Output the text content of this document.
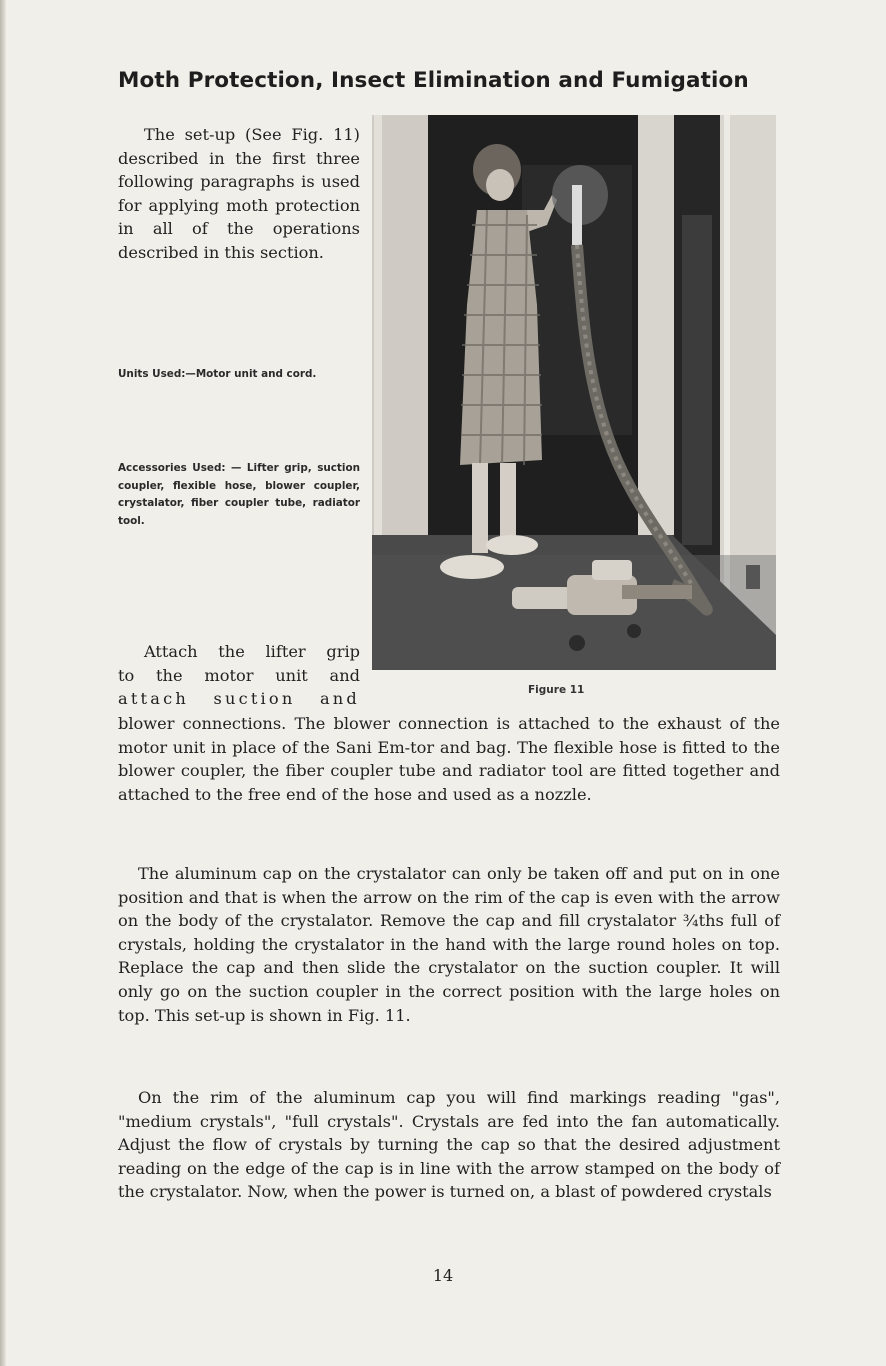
Moth Protection, Insect Elimination and Fumigation
The set-up (See Fig. 11) described in the first three following paragraphs is used for applying moth protection in all of the operations described in this section.
Units Used:—Motor unit and cord.
Accessories Used: — Lifter grip, suction coupler, flexible hose, blower coupler, crystalator, fiber coupler tube, radiator tool.
Attach the lifter grip
to the motor unit and
attach suction and	Figure 11
blower connections. The blower connection is attached to the exhaust of the motor unit in place of the Sani Em-tor and bag. The flexible hose is fitted to the blower coupler, the fiber coupler tube and radiator tool are fitted together and attached to the free end of the hose and used as a nozzle.
The aluminum cap on the crystalator can only be taken off and put on in one position and that is when the arrow on the rim of the cap is even with the arrow on the body of the crystalator. Remove the cap and fill crystalator ¾ths full of crystals, holding the crystalator in the hand with the large round holes on top. Replace the cap and then slide the crystalator on the suction coupler. It will only go on the suction coupler in the correct position with the large holes on top. This set-up is shown in Fig. 11.
On the rim of the aluminum cap you will find markings reading "gas", "medium crystals", "full crystals". Crystals are fed into the fan automatically. Adjust the flow of crystals by turning the cap so that the desired adjustment reading on the edge of the cap is in line with the arrow stamped on the body of the crystalator. Now, when the power is turned on, a blast of powdered crystals
14
